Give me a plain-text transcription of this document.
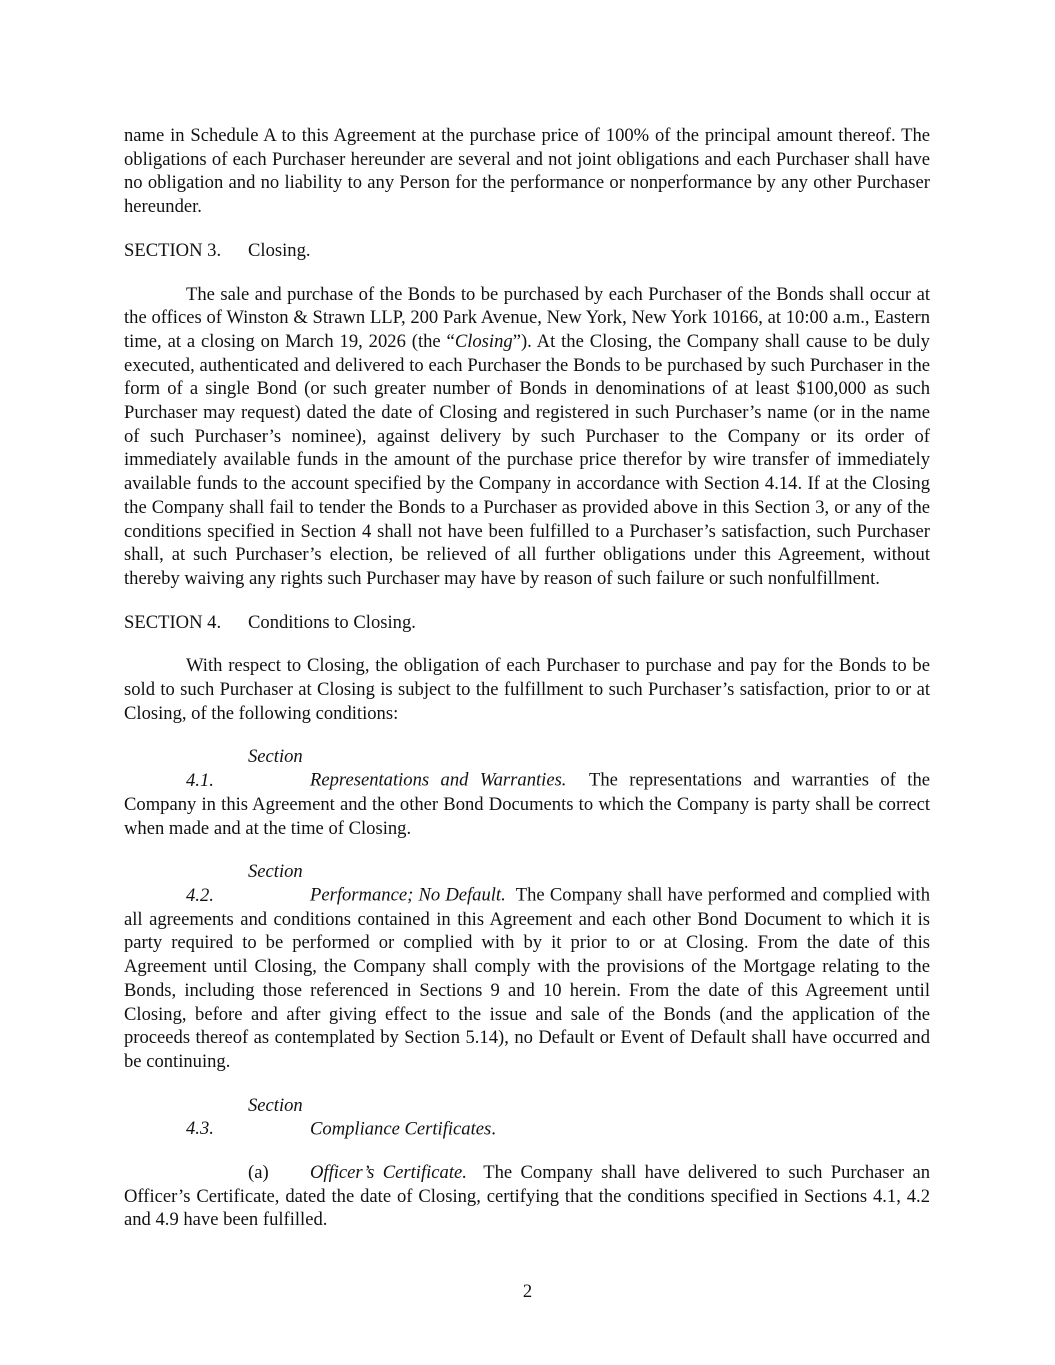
name in Schedule A to this Agreement at the purchase price of 100% of the principal amount thereof. The obligations of each Purchaser hereunder are several and not joint obligations and each Purchaser shall have no obligation and no liability to any Person for the performance or nonperformance by any other Purchaser hereunder.

SECTION 3. Closing.

The sale and purchase of the Bonds to be purchased by each Purchaser of the Bonds shall occur at the offices of Winston & Strawn LLP, 200 Park Avenue, New York, New York 10166, at 10:00 a.m., Eastern time, at a closing on March 19, 2026 (the “Closing”). At the Closing, the Company shall cause to be duly executed, authenticated and delivered to each Purchaser the Bonds to be purchased by such Purchaser in the form of a single Bond (or such greater number of Bonds in denominations of at least $100,000 as such Purchaser may request) dated the date of Closing and registered in such Purchaser’s name (or in the name of such Purchaser’s nominee), against delivery by such Purchaser to the Company or its order of immediately available funds in the amount of the purchase price therefor by wire transfer of immediately available funds to the account specified by the Company in accordance with Section 4.14. If at the Closing the Company shall fail to tender the Bonds to a Purchaser as provided above in this Section 3, or any of the conditions specified in Section 4 shall not have been fulfilled to a Purchaser’s satisfaction, such Purchaser shall, at such Purchaser’s election, be relieved of all further obligations under this Agreement, without thereby waiving any rights such Purchaser may have by reason of such failure or such nonfulfillment.

SECTION 4. Conditions to Closing.

With respect to Closing, the obligation of each Purchaser to purchase and pay for the Bonds to be sold to such Purchaser at Closing is subject to the fulfillment to such Purchaser’s satisfaction, prior to or at Closing, of the following conditions:

Section 4.1.	Representations and Warranties. The representations and warranties of the Company in this Agreement and the other Bond Documents to which the Company is party shall be correct when made and at the time of Closing.

Section 4.2.	Performance; No Default. The Company shall have performed and complied with all agreements and conditions contained in this Agreement and each other Bond Document to which it is party required to be performed or complied with by it prior to or at Closing. From the date of this Agreement until Closing, the Company shall comply with the provisions of the Mortgage relating to the Bonds, including those referenced in Sections 9 and 10 herein. From the date of this Agreement until Closing, before and after giving effect to the issue and sale of the Bonds (and the application of the proceeds thereof as contemplated by Section 5.14), no Default or Event of Default shall have occurred and be continuing.

Section 4.3.	Compliance Certificates.

(a) Officer’s Certificate. The Company shall have delivered to such Purchaser an Officer’s Certificate, dated the date of Closing, certifying that the conditions specified in Sections 4.1, 4.2 and 4.9 have been fulfilled.

2
